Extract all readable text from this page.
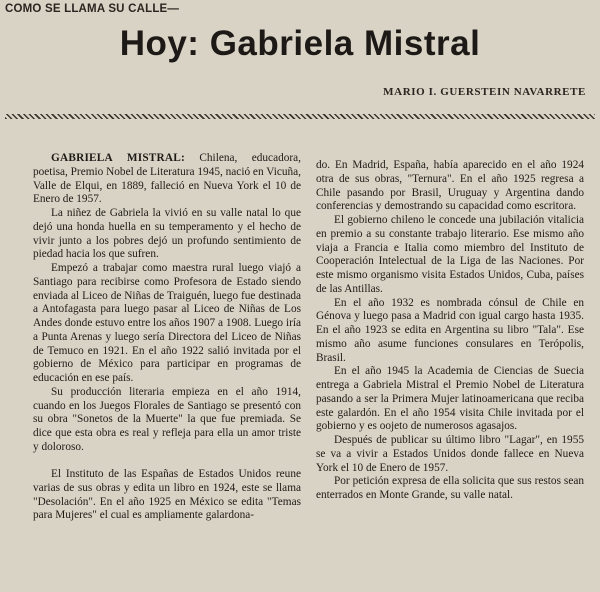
COMO SE LLAMA SU CALLE—
Hoy: Gabriela Mistral
MARIO I. GUERSTEIN NAVARRETE

GABRIELA MISTRAL: Chilena, educadora, poetisa, Premio Nobel de Literatura 1945, nació en Vicuña, Valle de Elqui, en 1889, falleció en Nueva York el 10 de Enero de 1957.

La niñez de Gabriela la vivió en su valle natal lo que dejó una honda huella en su temperamento y el hecho de vivir junto a los pobres dejó un profundo sentimiento de piedad hacia los que sufren.

Empezó a trabajar como maestra rural luego viajó a Santiago para recibirse como Profesora de Estado siendo enviada al Liceo de Niñas de Traiguén, luego fue destinada a Antofagasta para luego pasar al Liceo de Niñas de Los Andes donde estuvo entre los años 1907 a 1908. Luego iría a Punta Arenas y luego sería Directora del Liceo de Niñas de Temuco en 1921. En el año 1922 salió invitada por el gobierno de México para participar en programas de educación en ese país.

Su producción literaria empieza en el año 1914, cuando en los Juegos Florales de Santiago se presentó con su obra "Sonetos de la Muerte" la que fue premiada. Se dice que esta obra es real y refleja para ella un amor triste y doloroso.

El Instituto de las Españas de Estados Unidos reune varias de sus obras y edita un libro en 1924, este se llama "Desolación". En el año 1925 en México se edita "Temas para Mujeres" el cual es ampliamente galardona-

do. En Madrid, España, había aparecido en el año 1924 otra de sus obras, "Ternura". En el año 1925 regresa a Chile pasando por Brasil, Uruguay y Argentina dando conferencias y demostrando su capacidad como escritora.

El gobierno chileno le concede una jubilación vitalicia en premio a su constante trabajo literario. Ese mismo año viaja a Francia e Italia como miembro del Instituto de Cooperación Intelectual de la Liga de las Naciones. Por este mismo organismo visita Estados Unidos, Cuba, países de las Antillas.

En el año 1932 es nombrada cónsul de Chile en Génova y luego pasa a Madrid con igual cargo hasta 1935. En el año 1923 se edita en Argentina su libro "Tala". Ese mismo año asume funciones consulares en Terópolis, Brasil.

En el año 1945 la Academia de Ciencias de Suecia entrega a Gabriela Mistral el Premio Nobel de Literatura pasando a ser la Primera Mujer latinoamericana que reciba este galardón. En el año 1954 visita Chile invitada por el gobierno y es oojeto de numerosos agasajos.

Después de publicar su último libro "Lagar", en 1955 se va a vivir a Estados Unidos donde fallece en Nueva York el 10 de Enero de 1957.

Por petición expresa de ella solicita que sus restos sean enterrados en Monte Grande, su valle natal.
